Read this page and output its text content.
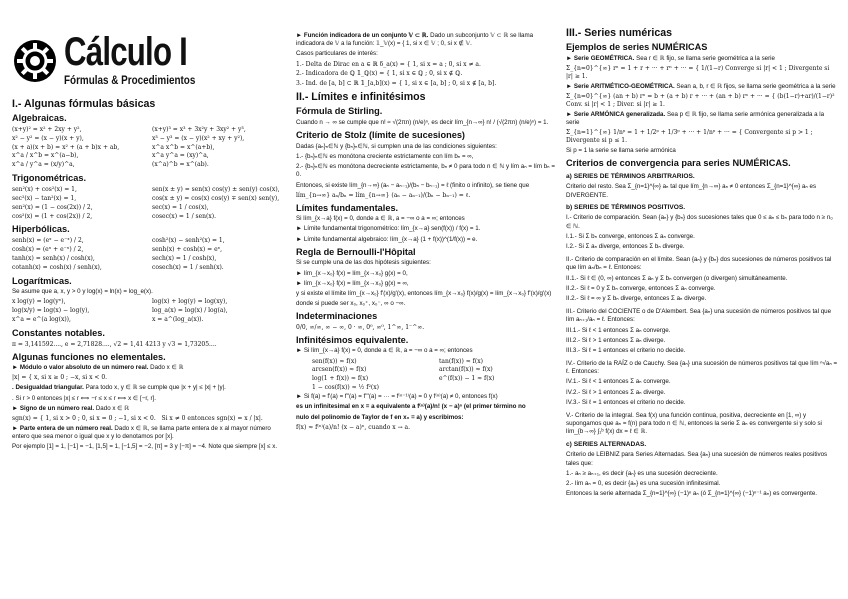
Cálculo I
Fórmulas & Procedimientos
I.- Algunas fórmulas básicas
Algebraicas.
(x+y)² = x² + 2xy + y²,	(x+y)³ = x³ + 3x²y + 3xy² + y³,
x² − y² = (x − y)(x + y),	x³ − y³ = (x − y)(x² + xy + y²),
(x + a)(x + b) = x² + (a + b)x + ab,	x^a x^b = x^(a+b),
x^a / x^b = x^(a−b),	x^a y^a = (xy)^a,
x^a / y^a = (x/y)^a,	(x^a)^b = x^(ab).
Trigonométricas.
sen²(x) + cos²(x) = 1,	sen(x ± y) = sen(x) cos(y) ± sen(y) cos(x),
sec²(x) − tan²(x) = 1,	cos(x ± y) = cos(x) cos(y) ∓ sen(x) sen(y),
sen²(x) = (1 − cos(2x)) / 2,	sec(x) = 1 / cos(x),
cos²(x) = (1 + cos(2x)) / 2,	cosec(x) = 1 / sen(x).
Hiperbólicas.
senh(x) = (eˣ − e⁻ˣ) / 2,	cosh²(x) − senh²(x) = 1,
cosh(x) = (eˣ + e⁻ˣ) / 2,	senh(x) + cosh(x) = eˣ,
tanh(x) = senh(x) / cosh(x),	sech(x) = 1 / cosh(x),
cotanh(x) = cosh(x) / senh(x),	cosech(x) = 1 / senh(x).
Logarítmicas.

Se asume que a, x, y > 0 y log(x) = ln(x) = log_e(x).

x log(y) = log(yˣ),	log(x) + log(y) = log(xy),
log(x/y) = log(x) − log(y),	log_a(x) = log(x) / log(a),
x^a = e^(a log(x)),	x = a^(log_a(x)).
Constantes notables.

π = 3,141592...., e = 2,71828...., √2 = 1,41 4213 y √3 = 1,73205....

Algunas funciones no elementales.

► Módulo o valor absoluto de un número real. Dado x ∈ ℝ

|x| = { x, si x ≥ 0 ; −x, si x < 0.

. Desigualdad triangular. Para todo x, y ∈ ℝ se cumple que |x + y| ≤ |x| + |y|.

. Si r > 0 entonces |x| ≤ r ⟺ −r ≤ x ≤ r ⟺ x ∈ [−r, r].

► Signo de un número real. Dado x ∈ ℝ

sgn(x) = { 1, si x > 0 ; 0, si x = 0 ; −1, si x < 0. Si x ≠ 0 entonces sgn(x) = x / |x|.

► Parte entera de un número real. Dado x ∈ ℝ, se llama parte entera de x al mayor número entero que sea menor o igual que x y lo denotamos por [x].

Por ejemplo [1] = 1, [−1] = −1, [1,5] = 1, [−1,5] = −2, [π] = 3 y [−π] = −4. Note que siempre [x] ≤ x.

► Función indicadora de un conjunto 𝕍 ⊂ ℝ. Dado un subconjunto 𝕍 ⊂ ℝ se llama indicadora de 𝕍 a la función: 𝟙_𝕍(x) = { 1, si x ∈ 𝕍 ; 0, si x ∉ 𝕍.

Casos particulares de interés:

1.- Delta de Dirac en a ∈ ℝ δ_a(x) = { 1, si x = a ; 0, si x ≠ a.

2.- Indicadora de ℚ 𝟙_ℚ(x) = { 1, si x ∈ ℚ ; 0, si x ∉ ℚ.

3.- Ind. de [a, b] ⊂ ℝ 𝟙_[a,b](x) = { 1, si x ∈ [a, b] ; 0, si x ∉ [a, b].

II.- Límites e infinitésimos
Fórmula de Stirling.

Cuando n → ∞ se cumple que n! ≈ √(2πn) (n/e)ⁿ, es decir lím_{n→∞} n! / (√(2πn) (n/e)ⁿ) = 1.

Criterio de Stolz (límite de sucesiones)

Dadas {aₙ}ₙ∈ℕ y {bₙ}ₙ∈ℕ, si cumplen una de las condiciones siguientes:

1.- {bₙ}ₙ∈ℕ es monótona creciente estrictamente con lím bₙ = ∞,

2.- {bₙ}ₙ∈ℕ es monótona decreciente estrictamente, bₙ ≠ 0 para todo n ∈ ℕ y lím aₙ = lím bₙ = 0.

Entonces, si existe lím_{n→∞} (aₙ − aₙ₋₁)/(bₙ − bₙ₋₁) = ℓ (finito o infinito), se tiene que

lím_{n→∞} aₙ/bₙ = lím_{n→∞} (aₙ − aₙ₋₁)/(bₙ − bₙ₋₁) = ℓ.

Límites fundamentales.

Si lím_{x→a} f(x) = 0, donde a ∈ ℝ, a = −∞ o a = ∞; entonces

► Límite fundamental trigonométrico: lím_{x→a} sen(f(x)) / f(x) = 1.

► Límite fundamental algebraico: lím_{x→a} (1 + f(x))^(1/f(x)) = e.

Regla de Bernoulli-l'Hôpital

Si se cumple una de las dos hipótesis siguientes:

► lím_{x→x₀} f(x) = lím_{x→x₀} g(x) = 0,

► lím_{x→x₀} f(x) = lím_{x→x₀} g(x) = ∞,

y si existe el límite lím_{x→x₀} f'(x)/g'(x), entonces lím_{x→x₀} f(x)/g(x) = lím_{x→x₀} f'(x)/g'(x)

donde si puede ser x₀, x₀⁺, x₀⁻, ∞ o −∞.

Indeterminaciones

0/0, ∞/∞, ∞ − ∞, 0 · ∞, 0⁰, ∞⁰, 1^∞, 1⁻^∞.

Infinitésimos equivalente.

► Si lím_{x→a} f(x) = 0, donde a ∈ ℝ, a = −∞ o a = ∞; entonces

sen(f(x)) ≈ f(x)	tan(f(x)) ≈ f(x)
arcsen(f(x)) ≈ f(x)	arctan(f(x)) ≈ f(x)
log(1 + f(x)) ≈ f(x)	e^(f(x)) − 1 ≈ f(x)
1 − cos(f(x)) ≈ ½ f²(x)

► Si f(a) = f'(a) = f''(a) = f'''(a) = ··· = f⁽ⁿ⁻¹⁾(a) = 0 y f⁽ⁿ⁾(a) ≠ 0, entonces f(x)

es un infinitesimal en x = a equivalente a f⁽ⁿ⁾(a)/n! (x − a)ⁿ (el primer término no

nulo del polinomio de Taylor de f en x₀ = a) y escribimos:

f(x) ≈ f⁽ⁿ⁾(a)/n! (x − a)ⁿ, cuando x → a.

III.- Series numéricas
Ejemplos de series NUMÉRICAS

► Serie GEOMÉTRICA. Sea r ∈ ℝ fijo, se llama serie geométrica a la serie

Σ_{n=0}^{∞} rⁿ = 1 + r + ··· + rⁿ + ··· = { 1/(1−r) Converge si |r| < 1 ; Divergente si |r| ≥ 1.

► Serie ARITMÉTICO-GEOMÉTRICA. Sean a, b, r ∈ ℝ fijos, se llama serie geométrica a la serie

Σ_{n=0}^{∞} (an + b) rⁿ = b + (a + b) r + ··· + (an + b) rⁿ + ··· = { (b(1−r)+ar)/(1−r)² Conv. si |r| < 1 ; Diver. si |r| ≥ 1.

► Serie ARMÓNICA generalizada. Sea p ∈ ℝ fijo, se llama serie armónica generalizada a la serie

Σ_{n=1}^{∞} 1/nᵖ = 1 + 1/2ᵖ + 1/3ᵖ + ··· + 1/nᵖ + ··· = { Convergente si p > 1 ; Divergente si p ≤ 1.

Si p = 1 la serie se llama serie armónica

Criterios de convergencia para series NUMÉRICAS.
a) SERIES DE TÉRMINOS ARBITRARIOS.

Criterio del resto. Sea Σ_{n=1}^{∞} aₙ tal que lím_{n→∞} aₙ ≠ 0 entonces Σ_{n=1}^{∞} aₙ es DIVERGENTE.

b) SERIES DE TÉRMINOS POSITIVOS.

I.- Criterio de comparación. Sean {aₙ} y {bₙ} dos sucesiones tales que 0 ≤ aₙ ≤ bₙ para todo n ≥ n₀ ∈ ℕ.

I.1.- Si Σ bₙ converge, entonces Σ aₙ converge.

I.2.- Si Σ aₙ diverge, entonces Σ bₙ diverge.

II.- Criterio de comparación en el límite. Sean {aₙ} y {bₙ} dos sucesiones de números positivos tal que lím aₙ/bₙ = ℓ. Entonces:

II.1.- Si ℓ ∈ (0, ∞) entonces Σ aₙ y Σ bₙ convergen (o divergen) simultáneamente.

II.2.- Si ℓ = 0 y Σ bₙ converge, entonces Σ aₙ converge.

II.2.- Si ℓ = ∞ y Σ bₙ diverge, entonces Σ aₙ diverge.

III.- Criterio del COCIENTE o de D'Alembert. Sea {aₙ} una sucesión de números positivos tal que lím aₙ₊₁/aₙ = ℓ. Entonces:

III.1.- Si ℓ < 1 entonces Σ aₙ converge.

III.2.- Si ℓ > 1 entonces Σ aₙ diverge.

III.3.- Si ℓ = 1 entonces el criterio no decide.

IV.- Criterio de la RAÍZ o de Cauchy. Sea {aₙ} una sucesión de números positivos tal que lím ⁿ√aₙ = ℓ. Entonces:

IV.1.- Si ℓ < 1 entonces Σ aₙ converge.

IV.2.- Si ℓ > 1 entonces Σ aₙ diverge.

IV.3.- Si ℓ = 1 entonces el criterio no decide.

V.- Criterio de la integral. Sea f(x) una función continua, positiva, decreciente en [1, ∞) y supongamos que aₙ = f(n) para todo n ∈ ℕ, entonces la serie Σ aₙ es convergente si y solo si lím_{b→∞} ∫₁ᵇ f(x) dx = ℓ ∈ ℝ.

c) SERIES ALTERNADAS.

Criterio de LEIBNIZ para Series Alternadas. Sea {aₙ} una sucesión de números reales positivos tales que:

1.- aₙ ≥ aₙ₊₁, es decir {aₙ} es una sucesión decreciente.

2.- lím aₙ = 0, es decir {aₙ} es una sucesión infinitesimal.

Entonces la serie alternada Σ_{n=1}^{∞} (−1)ⁿ aₙ (ó Σ_{n=1}^{∞} (−1)ⁿ⁻¹ aₙ) es convergente.
